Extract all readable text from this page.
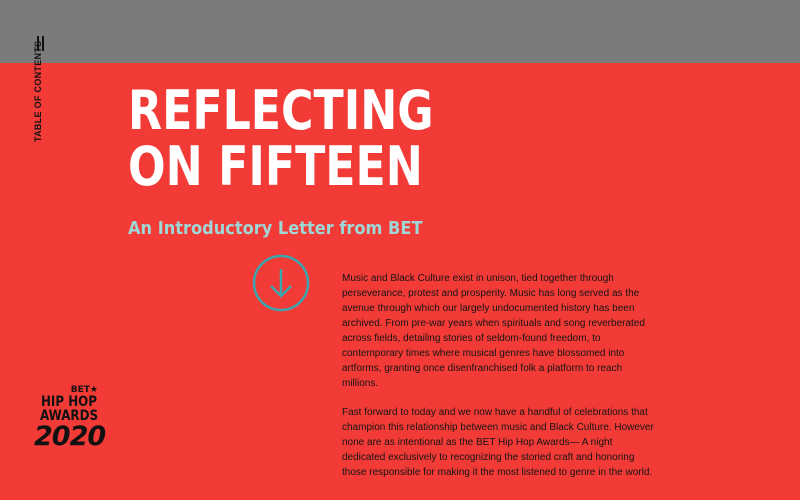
TABLE OF CONTENTS REFLECTING
ON FIFTEEN
An Introductory Letter from BET

Music and Black Culture exist in unison, tied together through perseverance, protest and prosperity. Music has long served as the avenue through which our largely undocumented history has been archived. From pre-war years when spirituals and song reverberated across fields, detailing stories of seldom-found freedom, to contemporary times where musical genres have blossomed into artforms, granting once disenfranchised folk a platform to reach millions.

Fast forward to today and we now have a handful of celebrations that champion this relationship between music and Black Culture. However none are as intentional as the BET Hip Hop Awards— A night dedicated exclusively to recognizing the storied craft and honoring those responsible for making it the most listened to genre in the world.

BET★
HIP HOP
AWARDS
2020
